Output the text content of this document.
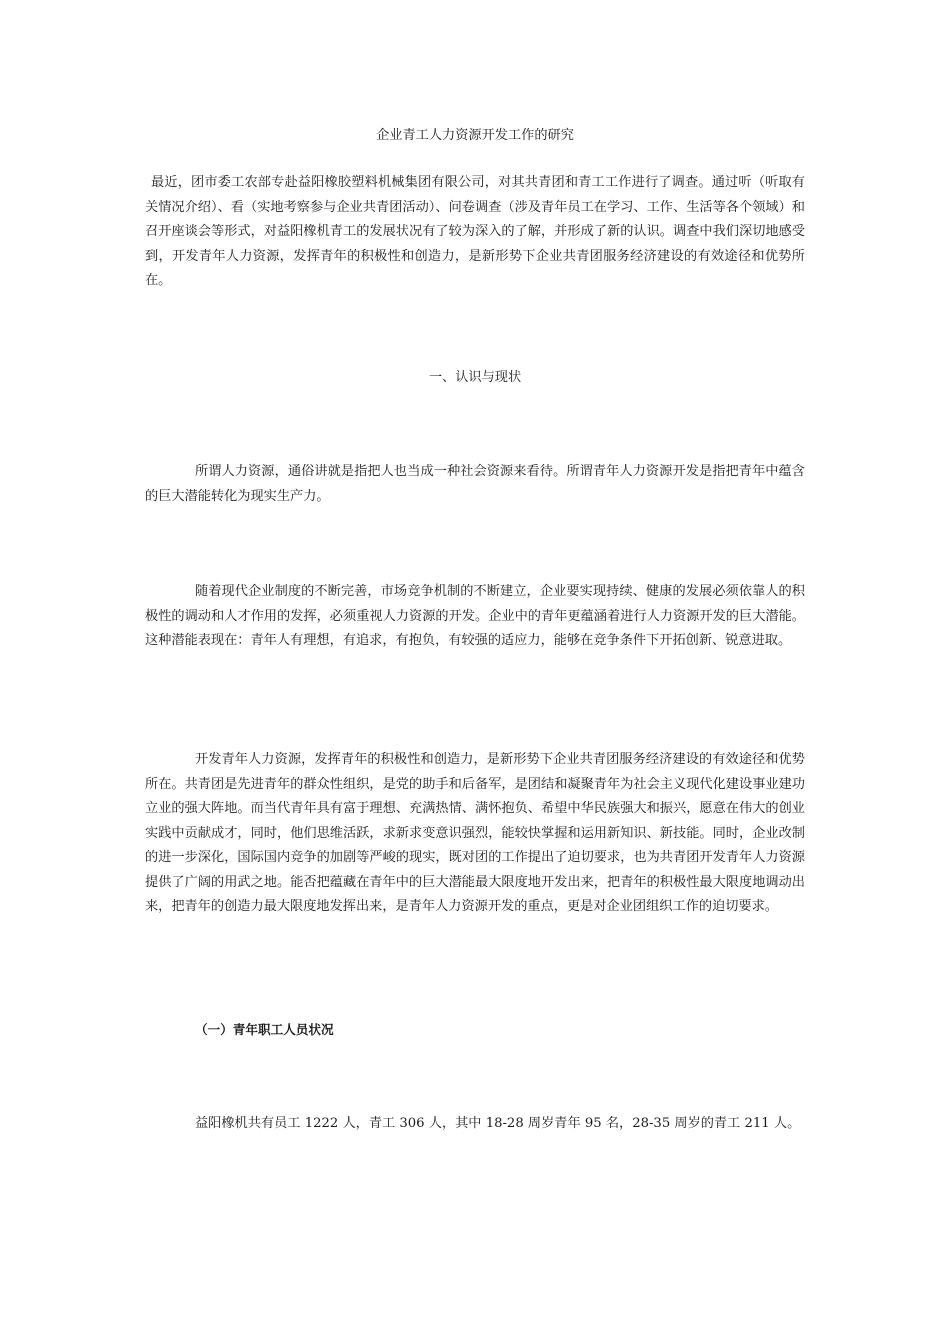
企业青工人力资源开发工作的研究

最近，团市委工农部专赴益阳橡胶塑料机械集团有限公司，对其共青团和青工工作进行了调查。通过听（听取有关情况介绍）、看（实地考察参与企业共青团活动）、问卷调查（涉及青年员工在学习、工作、生活等各个领域）和召开座谈会等形式，对益阳橡机青工的发展状况有了较为深入的了解，并形成了新的认识。调查中我们深切地感受到，开发青年人力资源，发挥青年的积极性和创造力，是新形势下企业共青团服务经济建设的有效途径和优势所在。

一、认识与现状

所谓人力资源，通俗讲就是指把人也当成一种社会资源来看待。所谓青年人力资源开发是指把青年中蕴含的巨大潜能转化为现实生产力。

随着现代企业制度的不断完善，市场竞争机制的不断建立，企业要实现持续、健康的发展必须依靠人的积极性的调动和人才作用的发挥，必须重视人力资源的开发。企业中的青年更蕴涵着进行人力资源开发的巨大潜能。这种潜能表现在：青年人有理想，有追求，有抱负，有较强的适应力，能够在竞争条件下开拓创新、锐意进取。

开发青年人力资源，发挥青年的积极性和创造力，是新形势下企业共青团服务经济建设的有效途径和优势所在。共青团是先进青年的群众性组织，是党的助手和后备军，是团结和凝聚青年为社会主义现代化建设事业建功立业的强大阵地。而当代青年具有富于理想、充满热情、满怀抱负、希望中华民族强大和振兴，愿意在伟大的创业实践中贡献成才，同时，他们思维活跃，求新求变意识强烈，能较快掌握和运用新知识、新技能。同时，企业改制的进一步深化，国际国内竞争的加剧等严峻的现实，既对团的工作提出了迫切要求，也为共青团开发青年人力资源提供了广阔的用武之地。能否把蕴藏在青年中的巨大潜能最大限度地开发出来，把青年的积极性最大限度地调动出来，把青年的创造力最大限度地发挥出来，是青年人力资源开发的重点，更是对企业团组织工作的迫切要求。

（一）青年职工人员状况

益阳橡机共有员工 1222 人，青工 306 人，其中 18-28 周岁青年 95 名，28-35 周岁的青工 211 人。
